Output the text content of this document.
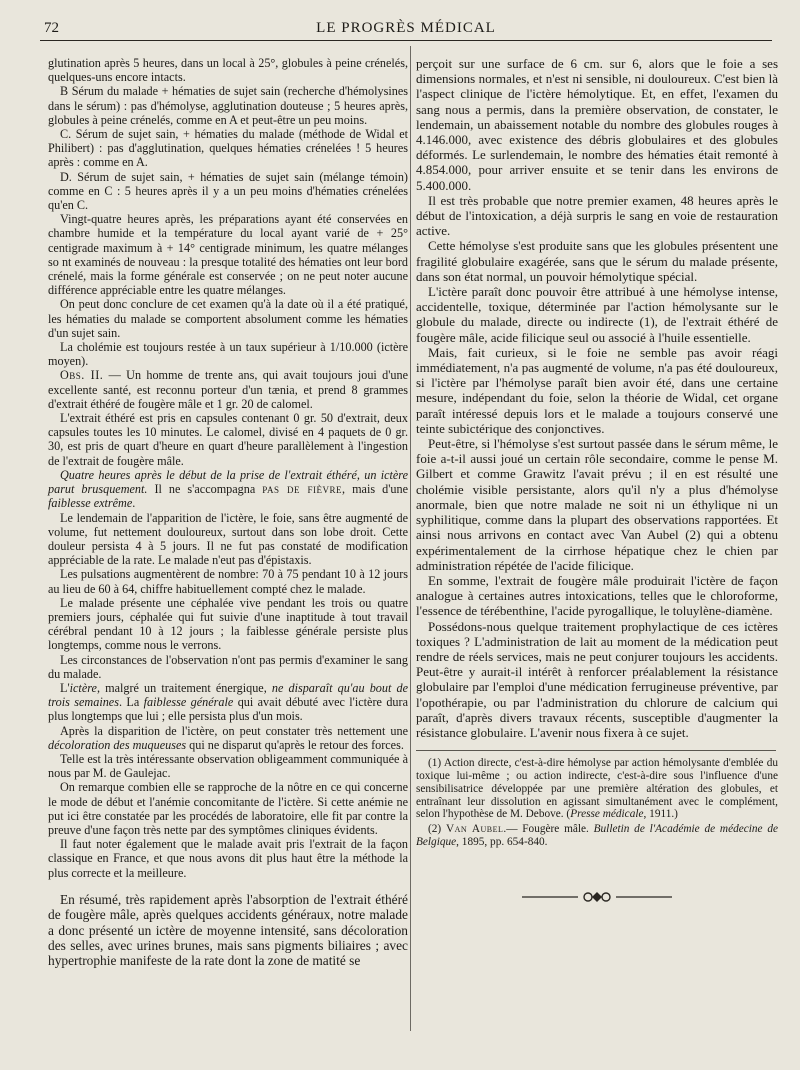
72	LE PROGRÈS MÉDICAL

glutination après 5 heures, dans un local à 25°, globules à peine crénelés, quelques-uns encore intacts.

B Sérum du malade + hématies de sujet sain (recherche d'hémolysines dans le sérum) : pas d'hémolyse, agglutination douteuse ; 5 heures après, globules à peine crénelés, comme en A et peut-être un peu moins.

C. Sérum de sujet sain, + hématies du malade (méthode de Widal et Philibert) : pas d'agglutination, quelques hématies crénelées ! 5 heures après : comme en A.

D. Sérum de sujet sain, + hématies de sujet sain (mélange témoin) comme en C : 5 heures après il y a un peu moins d'hématies crénelées qu'en C.

Vingt-quatre heures après, les préparations ayant été conservées en chambre humide et la température du local ayant varié de + 25° centigrade maximum à + 14° centigrade minimum, les quatre mélanges so nt examinés de nouveau : la presque totalité des hématies ont leur bord crénelé, mais la forme générale est conservée ; on ne peut noter aucune différence appréciable entre les quatre mélanges.

On peut donc conclure de cet examen qu'à la date où il a été pratiqué, les hématies du malade se comportent absolument comme les hématies d'un sujet sain.

La cholémie est toujours restée à un taux supérieur à 1/10.000 (ictère moyen).

Obs. II. — Un homme de trente ans, qui avait toujours joui d'une excellente santé, est reconnu porteur d'un tænia, et prend 8 grammes d'extrait éthéré de fougère mâle et 1 gr. 20 de calomel.

L'extrait éthéré est pris en capsules contenant 0 gr. 50 d'extrait, deux capsules toutes les 10 minutes. Le calomel, divisé en 4 paquets de 0 gr. 30, est pris de quart d'heure en quart d'heure parallèlement à l'ingestion de l'extrait de fougère mâle.

Quatre heures après le début de la prise de l'extrait éthéré, un ictère parut brusquement. Il ne s'accompagna pas de fièvre, mais d'une faiblesse extrême.

Le lendemain de l'apparition de l'ictère, le foie, sans être augmenté de volume, fut nettement douloureux, surtout dans son lobe droit. Cette douleur persista 4 à 5 jours. Il ne fut pas constaté de modification appréciable de la rate. Le malade n'eut pas d'épistaxis.

Les pulsations augmentèrent de nombre: 70 à 75 pendant 10 à 12 jours au lieu de 60 à 64, chiffre habituellement compté chez le malade.

Le malade présente une céphalée vive pendant les trois ou quatre premiers jours, céphalée qui fut suivie d'une inaptitude à tout travail cérébral pendant 10 à 12 jours ; la faiblesse générale persiste plus longtemps, comme nous le verrons.

Les circonstances de l'observation n'ont pas permis d'examiner le sang du malade.

L'ictère, malgré un traitement énergique, ne disparaît qu'au bout de trois semaines. La faiblesse générale qui avait débuté avec l'ictère dura plus longtemps que lui ; elle persista plus d'un mois.

Après la disparition de l'ictère, on peut constater très nettement une décoloration des muqueuses qui ne disparut qu'après le retour des forces.

Telle est la très intéressante observation obligeamment communiquée à nous par M. de Gaulejac.

On remarque combien elle se rapproche de la nôtre en ce qui concerne le mode de début et l'anémie concomitante de l'ictère. Si cette anémie ne put ici être constatée par les procédés de laboratoire, elle fit par contre la preuve d'une façon très nette par des symptômes cliniques évidents.

Il faut noter également que le malade avait pris l'extrait de la façon classique en France, et que nous avons dit plus haut être la méthode la plus correcte et la meilleure.

En résumé, très rapidement après l'absorption de l'extrait éthéré de fougère mâle, après quelques accidents généraux, notre malade a donc présenté un ictère de moyenne intensité, sans décoloration des selles, avec urines brunes, mais sans pigments biliaires ; avec hypertrophie manifeste de la rate dont la zone de matité se

perçoit sur une surface de 6 cm. sur 6, alors que le foie a ses dimensions normales, et n'est ni sensible, ni douloureux. C'est bien là l'aspect clinique de l'ictère hémolytique. Et, en effet, l'examen du sang nous a permis, dans la première observation, de constater, le lendemain, un abaissement notable du nombre des globules rouges à 4.146.000, avec existence des débris globulaires et des globules déformés. Le surlendemain, le nombre des hématies était remonté à 4.854.000, pour arriver ensuite et se tenir dans les environs de 5.400.000.

Il est très probable que notre premier examen, 48 heures après le début de l'intoxication, a déjà surpris le sang en voie de restauration active.

Cette hémolyse s'est produite sans que les globules présentent une fragilité globulaire exagérée, sans que le sérum du malade présente, dans son état normal, un pouvoir hémolytique spécial.

L'ictère paraît donc pouvoir être attribué à une hémolyse intense, accidentelle, toxique, déterminée par l'action hémolysante sur le globule du malade, directe ou indirecte (1), de l'extrait éthéré de fougère mâle, acide filicique seul ou associé à l'huile essentielle.

Mais, fait curieux, si le foie ne semble pas avoir réagi immédiatement, n'a pas augmenté de volume, n'a pas été douloureux, si l'ictère par l'hémolyse paraît bien avoir été, dans une certaine mesure, indépendant du foie, selon la théorie de Widal, cet organe paraît intéressé depuis lors et le malade a toujours conservé une teinte subictérique des conjonctives.

Peut-être, si l'hémolyse s'est surtout passée dans le sérum même, le foie a-t-il aussi joué un certain rôle secondaire, comme le pense M. Gilbert et comme Grawitz l'avait prévu ; il en est résulté une cholémie visible persistante, alors qu'il n'y a plus d'hémolyse anormale, bien que notre malade ne soit ni un éthylique ni un syphilitique, comme dans la plupart des observations rapportées. Et ainsi nous arrivons en contact avec Van Aubel (2) qui a obtenu expérimentalement de la cirrhose hépatique chez le chien par administration répétée de l'acide filicique.

En somme, l'extrait de fougère mâle produirait l'ictère de façon analogue à certaines autres intoxications, telles que le chloroforme, l'essence de térébenthine, l'acide pyrogallique, le toluylène-diamène.

Possédons-nous quelque traitement prophylactique de ces ictères toxiques ? L'administration de lait au moment de la médication peut rendre de réels services, mais ne peut conjurer toujours les accidents. Peut-être y aurait-il intérêt à renforcer préalablement la résistance globulaire par l'emploi d'une médication ferrugineuse préventive, par l'opothérapie, ou par l'administration du chlorure de calcium qui paraît, d'après divers travaux récents, susceptible d'augmenter la résistance globulaire. L'avenir nous fixera à ce sujet.

(1) Action directe, c'est-à-dire hémolyse par action hémolysante d'emblée du toxique lui-même ; ou action indirecte, c'est-à-dire sous l'influence d'une sensibilisatrice développée par une première altération des globules, et entraînant leur dissolution en agissant simultanément avec le complément, selon l'hypothèse de M. Debove. (Presse médicale, 1911.)

(2) Van Aubel.— Fougère mâle. Bulletin de l'Académie de médecine de Belgique, 1895, pp. 654-840.
